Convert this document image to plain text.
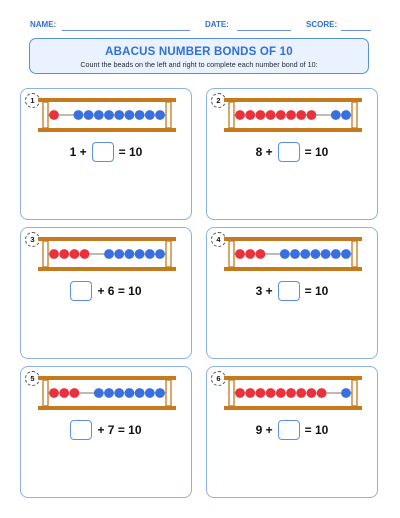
NAME:	DATE:	SCORE:
ABACUS NUMBER BONDS OF 10
Count the beads on the left and right to complete each number bond of 10:
1
1 +	= 10
2
8 +	= 10
3
+ 6 = 10
4
3 +	= 10
5
+ 7 = 10
6
9 +	= 10
